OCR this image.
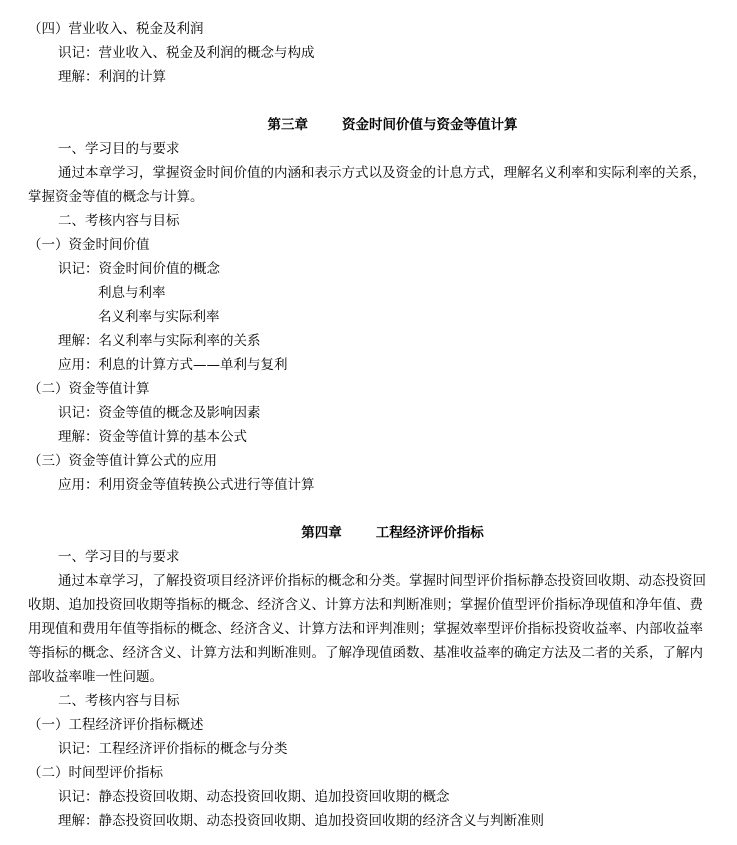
（四）营业收入、税金及利润
识记：营业收入、税金及利润的概念与构成
理解：利润的计算
第三章	资金时间价值与资金等值计算
一、学习目的与要求
通过本章学习，掌握资金时间价值的内涵和表示方式以及资金的计息方式，理解名义利率和实际利率的关系，
掌握资金等值的概念与计算。
二、考核内容与目标
（一）资金时间价值
识记：资金时间价值的概念
利息与利率
名义利率与实际利率
理解：名义利率与实际利率的关系
应用：利息的计算方式——单利与复利
（二）资金等值计算
识记：资金等值的概念及影响因素
理解：资金等值计算的基本公式
（三）资金等值计算公式的应用
应用：利用资金等值转换公式进行等值计算
第四章	工程经济评价指标
一、学习目的与要求
通过本章学习，了解投资项目经济评价指标的概念和分类。掌握时间型评价指标静态投资回收期、动态投资回
收期、追加投资回收期等指标的概念、经济含义、计算方法和判断准则；掌握价值型评价指标净现值和净年值、费
用现值和费用年值等指标的概念、经济含义、计算方法和评判准则；掌握效率型评价指标投资收益率、内部收益率
等指标的概念、经济含义、计算方法和判断准则。了解净现值函数、基准收益率的确定方法及二者的关系，了解内
部收益率唯一性问题。
二、考核内容与目标
（一）工程经济评价指标概述
识记：工程经济评价指标的概念与分类
（二）时间型评价指标
识记：静态投资回收期、动态投资回收期、追加投资回收期的概念
理解：静态投资回收期、动态投资回收期、追加投资回收期的经济含义与判断准则
